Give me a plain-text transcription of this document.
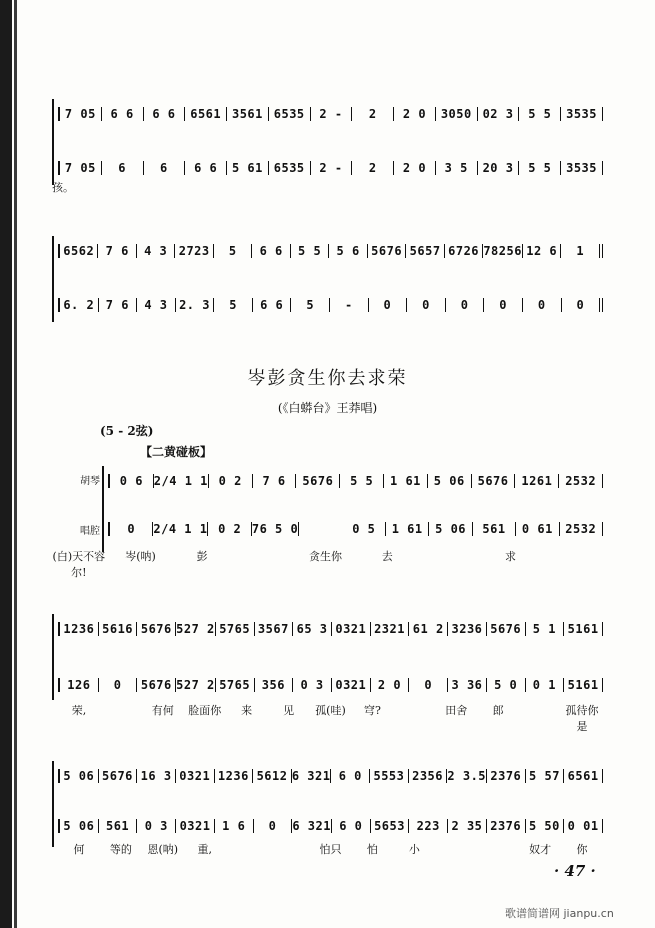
7 05	6 6	6 6	6561 3561 6535	2 -	2	2 0	3050 02 3	5 5	3535
7 05	6	6	6 6	5 61 6535	2 -	2	2 0	3 5	20 3	5 5	3535
孩。
6562 7 6	4 3 2723	5	6 6	5 5	5 6 5676 5657 6726 78256 12 6	1
6. 2 7 6	4 3 2. 3	5	6 6	5	-	0	0	0	0	0	0
岑彭贪生你去求荣
(《白蟒台》王莽唱)
(5 - 2弦)
【二黄碰板】
胡琴
唱腔
0 6 2/4 1 1 0 2	7 6	5676	5 5	1 61	5 06	5676	1261	2532
0	2/4 1 1 0 2 76 5 0	0 5	1 61	5 06	561	0 61	2532
(白)天不容尔!
岑(呐)	彭	贪生你	去	求
1236 5616 5676 527 2 5765 3567 65 3 0321 2321 61 2 3236 5676 5 1 5161
126	0	5676 527 2 5765 356	0 3 0321 2 0	0	3 36 5 0	0 1 5161
荣,	有何	脸面你	来	见	孤(哇)	穹?	田舍	郎	孤待你是
5 06 5676 16 3 0321 1236 5612 6 321 6 0 5553 2356 2 3.5 2376 5 57 6561
5 06 561	0 3 0321 1 6	0	6 321 6 0 5653 223 2 35 2376 5 50 0 01
何	等的	恩(呐)	重,	怕只	怕	小	奴才	你
· 47 ·
歌谱简谱网 jianpu.cn
